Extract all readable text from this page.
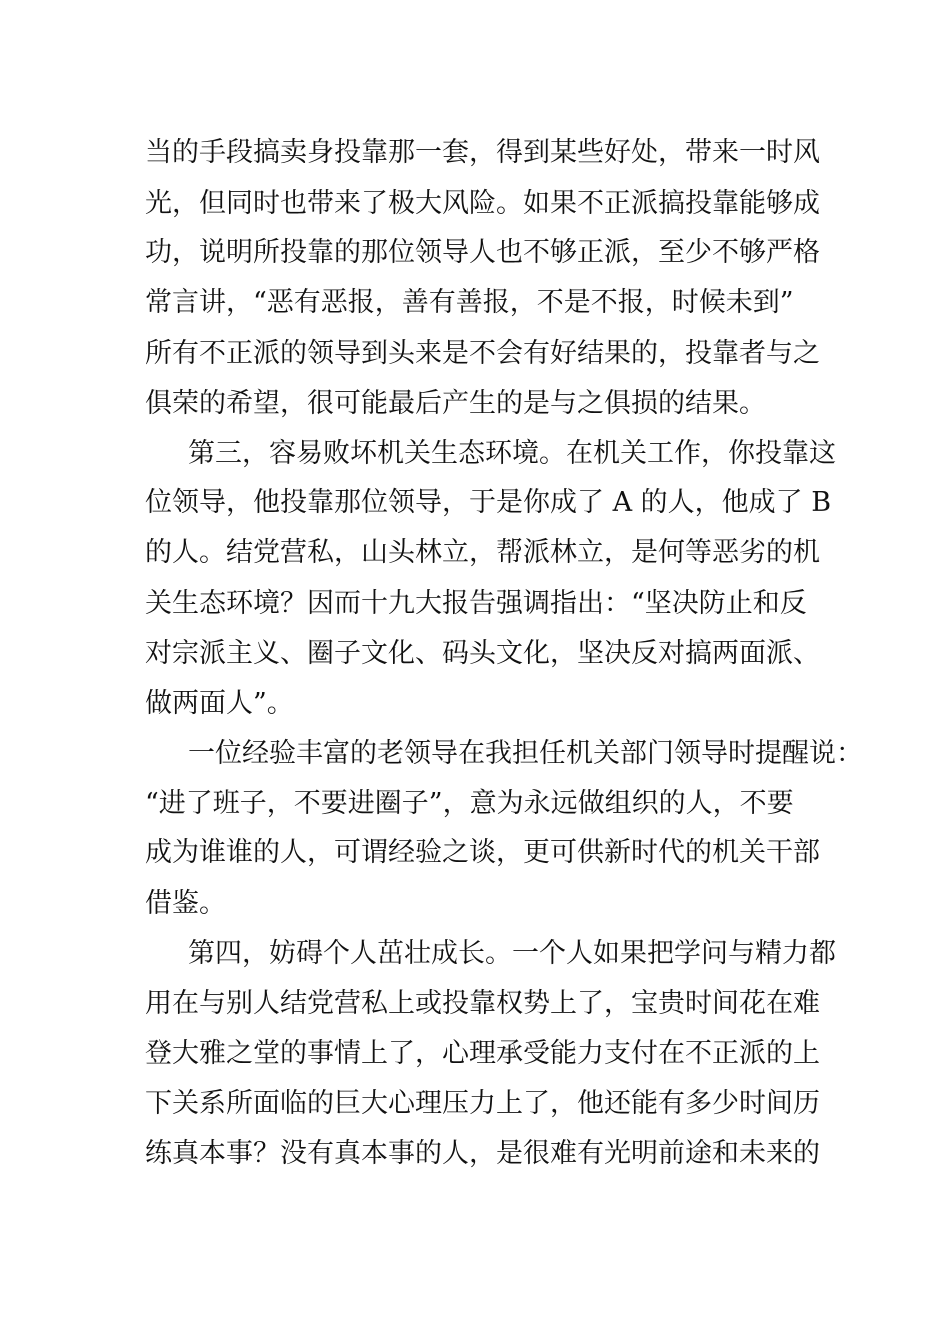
当的手段搞卖身投靠那一套，得到某些好处，带来一时风
光，但同时也带来了极大风险。如果不正派搞投靠能够成
功，说明所投靠的那位领导人也不够正派，至少不够严格
常言讲，“恶有恶报，善有善报，不是不报，时候未到”
所有不正派的领导到头来是不会有好结果的，投靠者与之
俱荣的希望，很可能最后产生的是与之俱损的结果。
第三，容易败坏机关生态环境。在机关工作，你投靠这
位领导，他投靠那位领导，于是你成了 A 的人，他成了 B
的人。结党营私，山头林立，帮派林立，是何等恶劣的机
关生态环境？因而十九大报告强调指出：“坚决防止和反
对宗派主义、圈子文化、码头文化，坚决反对搞两面派、
做两面人”。
一位经验丰富的老领导在我担任机关部门领导时提醒说：
“进了班子，不要进圈子”，意为永远做组织的人，不要
成为谁谁的人，可谓经验之谈，更可供新时代的机关干部
借鉴。
第四，妨碍个人茁壮成长。一个人如果把学问与精力都
用在与别人结党营私上或投靠权势上了，宝贵时间花在难
登大雅之堂的事情上了，心理承受能力支付在不正派的上
下关系所面临的巨大心理压力上了，他还能有多少时间历
练真本事？没有真本事的人，是很难有光明前途和未来的
